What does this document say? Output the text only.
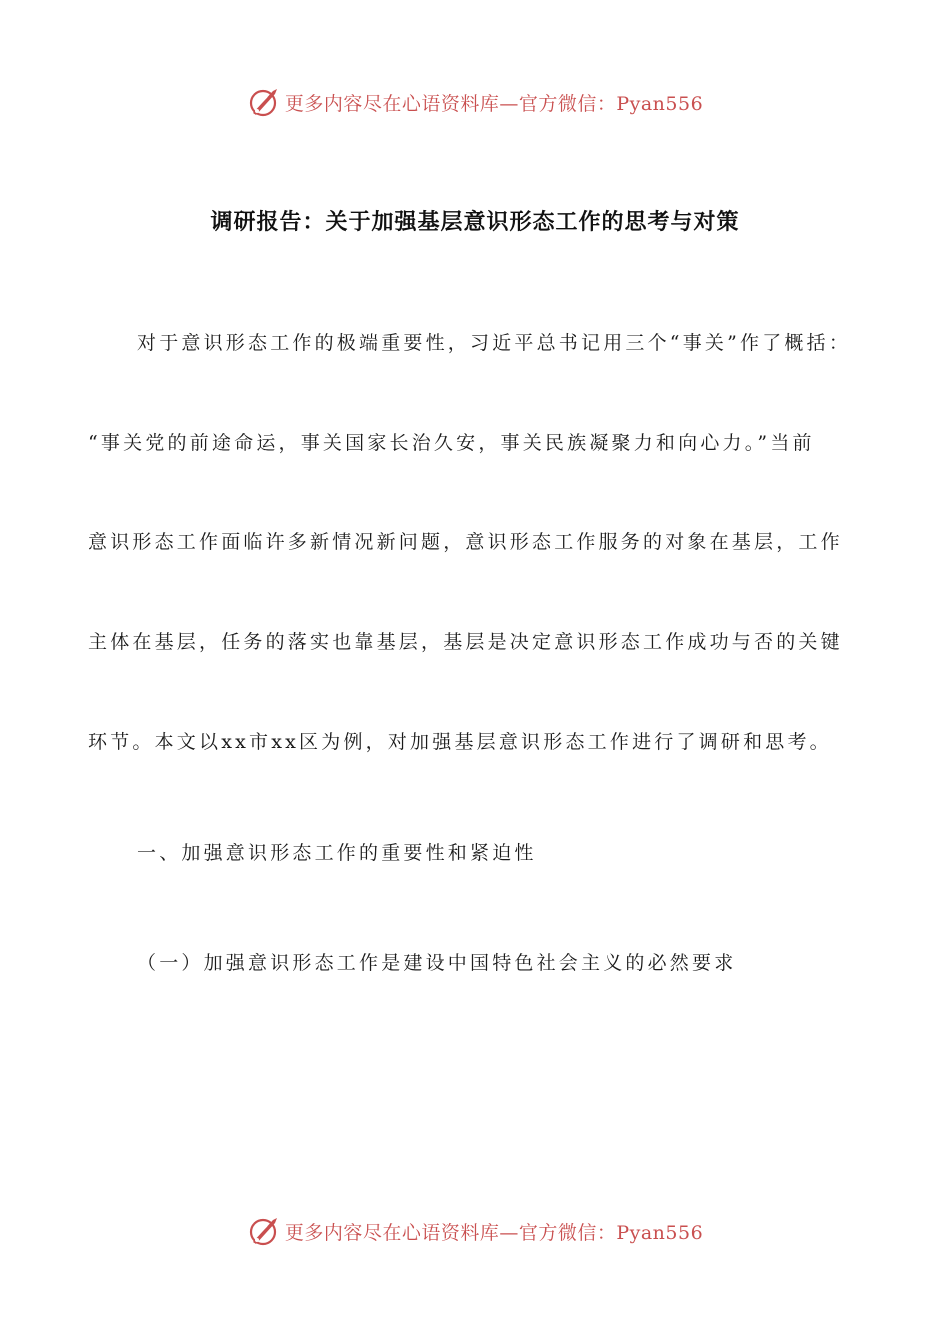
更多内容尽在心语资料库—官方微信：Pyan556
调研报告：关于加强基层意识形态工作的思考与对策
对于意识形态工作的极端重要性，习近平总书记用三个“事关”作了概括：
“事关党的前途命运，事关国家长治久安，事关民族凝聚力和向心力。”当前
意识形态工作面临许多新情况新问题，意识形态工作服务的对象在基层，工作
主体在基层，任务的落实也靠基层，基层是决定意识形态工作成功与否的关键
环节。本文以xx市xx区为例，对加强基层意识形态工作进行了调研和思考。
一、加强意识形态工作的重要性和紧迫性
（一）加强意识形态工作是建设中国特色社会主义的必然要求
更多内容尽在心语资料库—官方微信：Pyan556
